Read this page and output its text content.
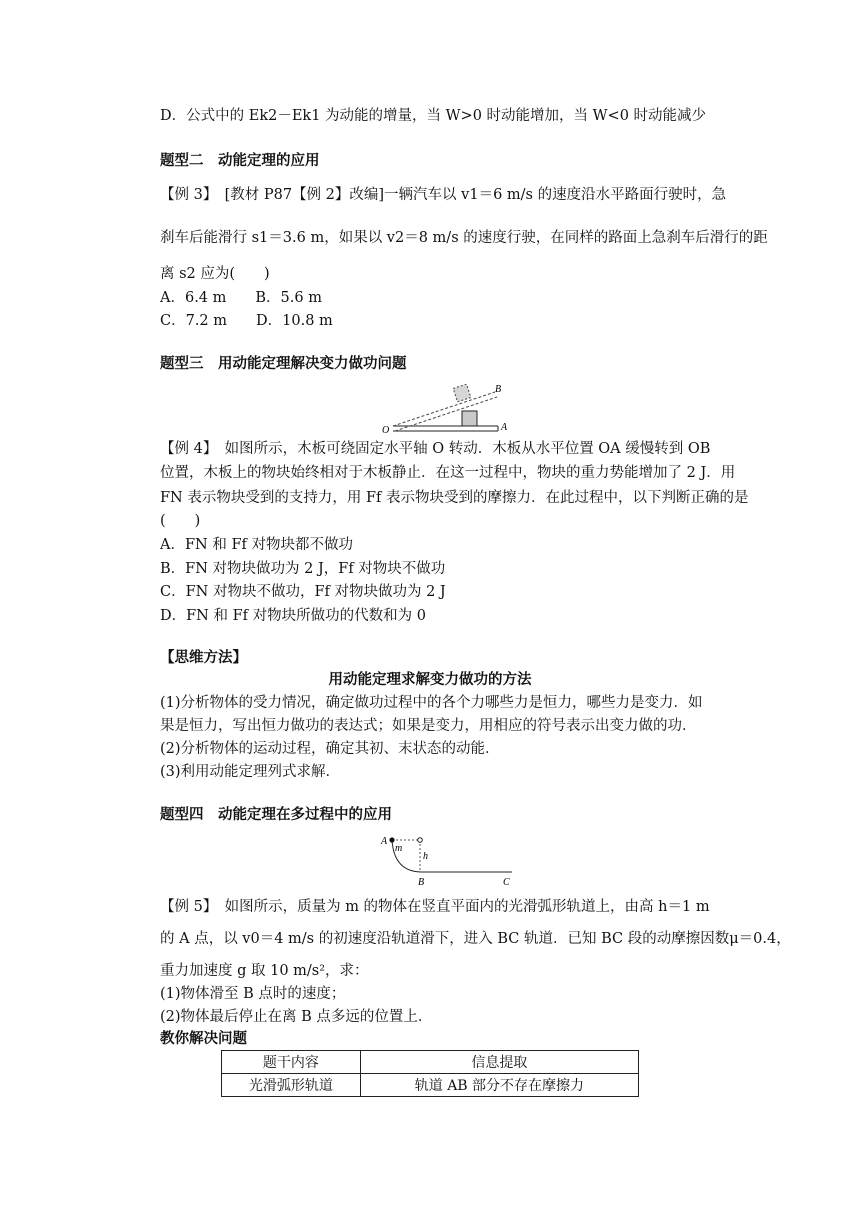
D．公式中的 Ek2－Ek1 为动能的增量，当 W>0 时动能增加，当 W<0 时动能减少
题型二　动能定理的应用
【例 3】　[教材 P87【例 2】改编]一辆汽车以 v1＝6 m/s 的速度沿水平路面行驶时，急
刹车后能滑行 s1＝3.6 m，如果以 v2＝8 m/s 的速度行驶，在同样的路面上急刹车后滑行的距
离 s2 应为(　　)
A．6.4 m　　B．5.6 m
C．7.2 m　　D．10.8 m
题型三　用动能定理解决变力做功问题
O	A
B
【例 4】　如图所示，木板可绕固定水平轴 O 转动．木板从水平位置 OA 缓慢转到 OB
位置，木板上的物块始终相对于木板静止．在这一过程中，物块的重力势能增加了 2 J．用
FN 表示物块受到的支持力，用 Ff 表示物块受到的摩擦力．在此过程中，以下判断正确的是
(　　)
A．FN 和 Ff 对物块都不做功
B．FN 对物块做功为 2 J，Ff 对物块不做功
C．FN 对物块不做功，Ff 对物块做功为 2 J
D．FN 和 Ff 对物块所做功的代数和为 0
【思维方法】
用动能定理求解变力做功的方法
(1)分析物体的受力情况，确定做功过程中的各个力哪些力是恒力，哪些力是变力．如
果是恒力，写出恒力做功的表达式；如果是变力，用相应的符号表示出变力做的功．
(2)分析物体的运动过程，确定其初、末状态的动能．
(3)利用动能定理列式求解．
题型四　动能定理在多过程中的应用
A
m
h
B	C
【例 5】　如图所示，质量为 m 的物体在竖直平面内的光滑弧形轨道上，由高 h＝1 m
的 A 点，以 v0＝4 m/s 的初速度沿轨道滑下，进入 BC 轨道．已知 BC 段的动摩擦因数μ＝0.4，
重力加速度 g 取 10 m/s²，求：
(1)物体滑至 B 点时的速度；
(2)物体最后停止在离 B 点多远的位置上．
教你解决问题
题干内容	信息提取
光滑弧形轨道	轨道 AB 部分不存在摩擦力
